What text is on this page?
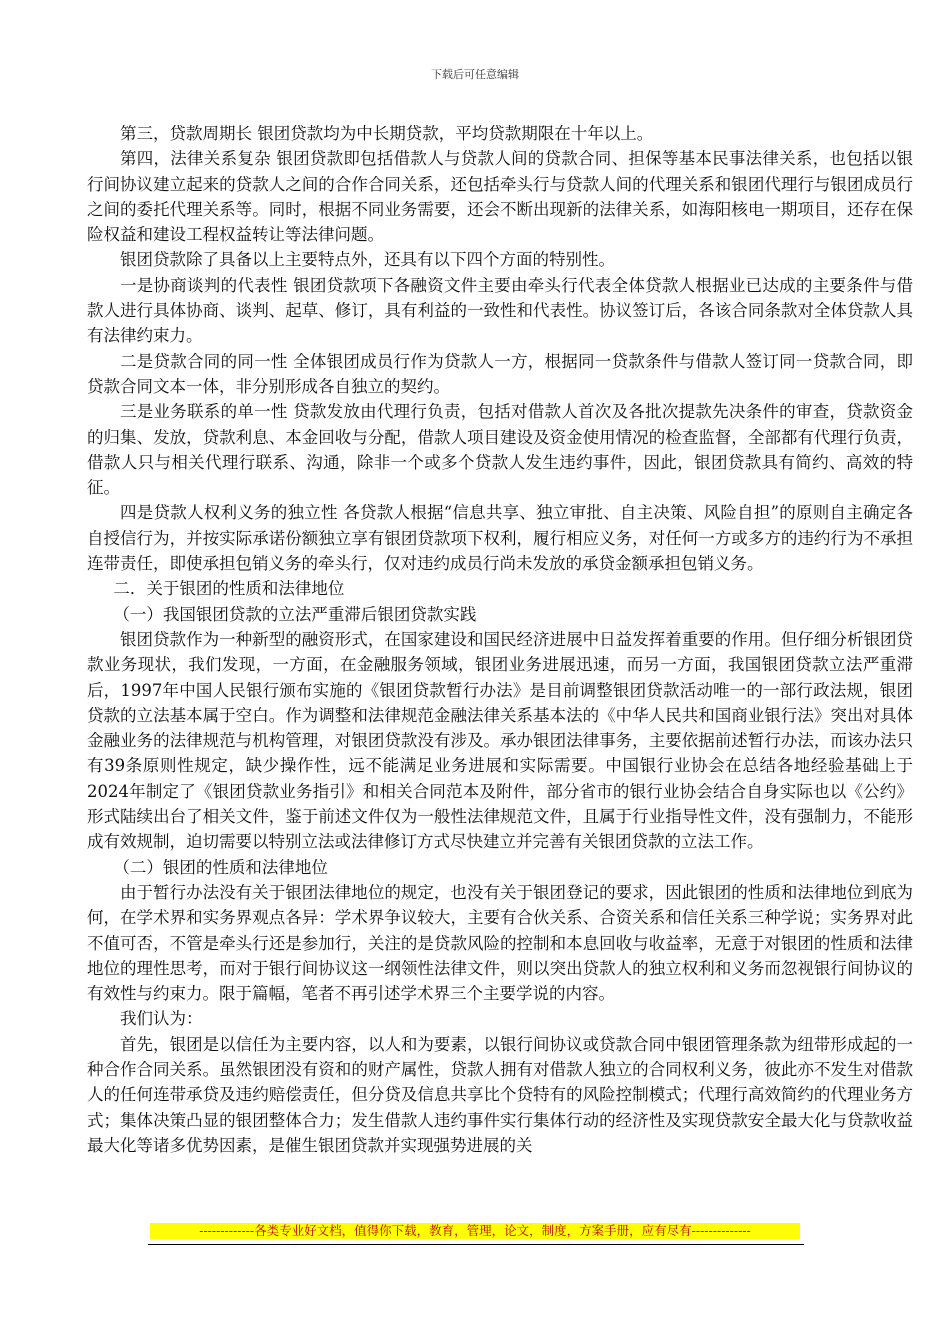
下载后可任意编辑

第三，贷款周期长 银团贷款均为中长期贷款，平均贷款期限在十年以上。

第四，法律关系复杂 银团贷款即包括借款人与贷款人间的贷款合同、担保等基本民事法律关系，也包括以银行间协议建立起来的贷款人之间的合作合同关系，还包括牵头行与贷款人间的代理关系和银团代理行与银团成员行之间的委托代理关系等。同时，根据不同业务需要，还会不断出现新的法律关系，如海阳核电一期项目，还存在保险权益和建设工程权益转让等法律问题。

银团贷款除了具备以上主要特点外，还具有以下四个方面的特别性。

一是协商谈判的代表性 银团贷款项下各融资文件主要由牵头行代表全体贷款人根据业已达成的主要条件与借款人进行具体协商、谈判、起草、修订，具有利益的一致性和代表性。协议签订后，各该合同条款对全体贷款人具有法律约束力。

二是贷款合同的同一性 全体银团成员行作为贷款人一方，根据同一贷款条件与借款人签订同一贷款合同，即贷款合同文本一体，非分别形成各自独立的契约。

三是业务联系的单一性 贷款发放由代理行负责，包括对借款人首次及各批次提款先决条件的审查，贷款资金的归集、发放，贷款利息、本金回收与分配，借款人项目建设及资金使用情况的检查监督，全部都有代理行负责，借款人只与相关代理行联系、沟通，除非一个或多个贷款人发生违约事件，因此，银团贷款具有简约、高效的特征。

四是贷款人权利义务的独立性 各贷款人根据“信息共享、独立审批、自主决策、风险自担”的原则自主确定各自授信行为，并按实际承诺份额独立享有银团贷款项下权利，履行相应义务，对任何一方或多方的违约行为不承担连带责任，即使承担包销义务的牵头行，仅对违约成员行尚未发放的承贷金额承担包销义务。

二．关于银团的性质和法律地位

（一）我国银团贷款的立法严重滞后银团贷款实践

银团贷款作为一种新型的融资形式，在国家建设和国民经济进展中日益发挥着重要的作用。但仔细分析银团贷款业务现状，我们发现，一方面，在金融服务领域，银团业务进展迅速，而另一方面，我国银团贷款立法严重滞后，1997年中国人民银行颁布实施的《银团贷款暂行办法》是目前调整银团贷款活动唯一的一部行政法规，银团贷款的立法基本属于空白。作为调整和法律规范金融法律关系基本法的《中华人民共和国商业银行法》突出对具体金融业务的法律规范与机构管理，对银团贷款没有涉及。承办银团法律事务，主要依据前述暂行办法，而该办法只有39条原则性规定，缺少操作性，远不能满足业务进展和实际需要。中国银行业协会在总结各地经验基础上于2024年制定了《银团贷款业务指引》和相关合同范本及附件，部分省市的银行业协会结合自身实际也以《公约》形式陆续出台了相关文件，鉴于前述文件仅为一般性法律规范文件，且属于行业指导性文件，没有强制力，不能形成有效规制，迫切需要以特别立法或法律修订方式尽快建立并完善有关银团贷款的立法工作。

（二）银团的性质和法律地位

由于暂行办法没有关于银团法律地位的规定，也没有关于银团登记的要求，因此银团的性质和法律地位到底为何，在学术界和实务界观点各异：学术界争议较大，主要有合伙关系、合资关系和信任关系三种学说；实务界对此不值可否，不管是牵头行还是参加行，关注的是贷款风险的控制和本息回收与收益率，无意于对银团的性质和法律地位的理性思考，而对于银行间协议这一纲领性法律文件，则以突出贷款人的独立权利和义务而忽视银行间协议的有效性与约束力。限于篇幅，笔者不再引述学术界三个主要学说的内容。

我们认为：

首先，银团是以信任为主要内容，以人和为要素，以银行间协议或贷款合同中银团管理条款为纽带形成起的一种合作合同关系。虽然银团没有资和的财产属性，贷款人拥有对借款人独立的合同权利义务，彼此亦不发生对借款人的任何连带承贷及违约赔偿责任，但分贷及信息共享比个贷特有的风险控制模式；代理行高效简约的代理业务方式；集体决策凸显的银团整体合力；发生借款人违约事件实行集体行动的经济性及实现贷款安全最大化与贷款收益最大化等诸多优势因素，是催生银团贷款并实现强势进展的关

-------------各类专业好文档，值得你下载，教育，管理，论文，制度，方案手册，应有尽有--------------
